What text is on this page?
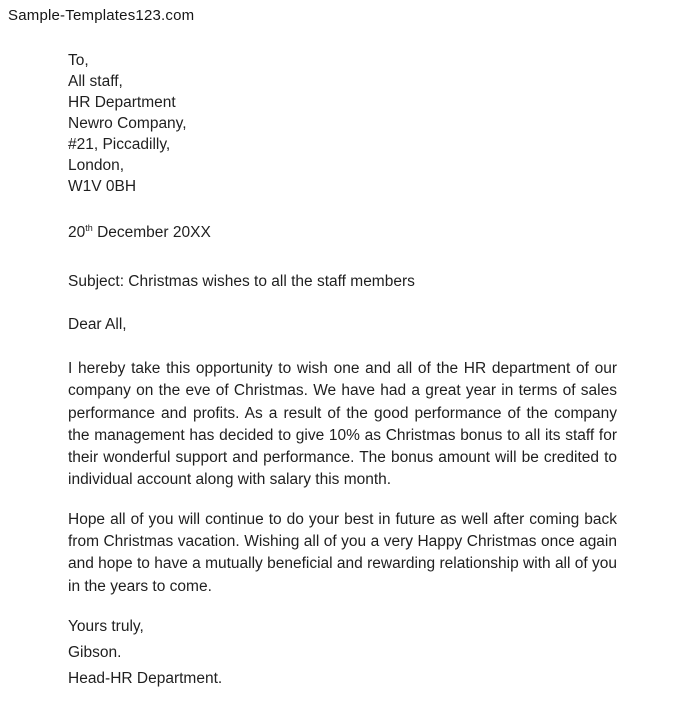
Sample-Templates123.com
To,
All staff,
HR Department
Newro Company,
#21, Piccadilly,
London,
W1V 0BH
20th December 20XX
Subject: Christmas wishes to all the staff members
Dear All,

I hereby take this opportunity to wish one and all of the HR department of our company on the eve of Christmas. We have had a great year in terms of sales performance and profits. As a result of the good performance of the company the management has decided to give 10% as Christmas bonus to all its staff for their wonderful support and performance. The bonus amount will be credited to individual account along with salary this month.

Hope all of you will continue to do your best in future as well after coming back from Christmas vacation. Wishing all of you a very Happy Christmas once again and hope to have a mutually beneficial and rewarding relationship with all of you in the years to come.

Yours truly,
Gibson.
Head-HR Department.
